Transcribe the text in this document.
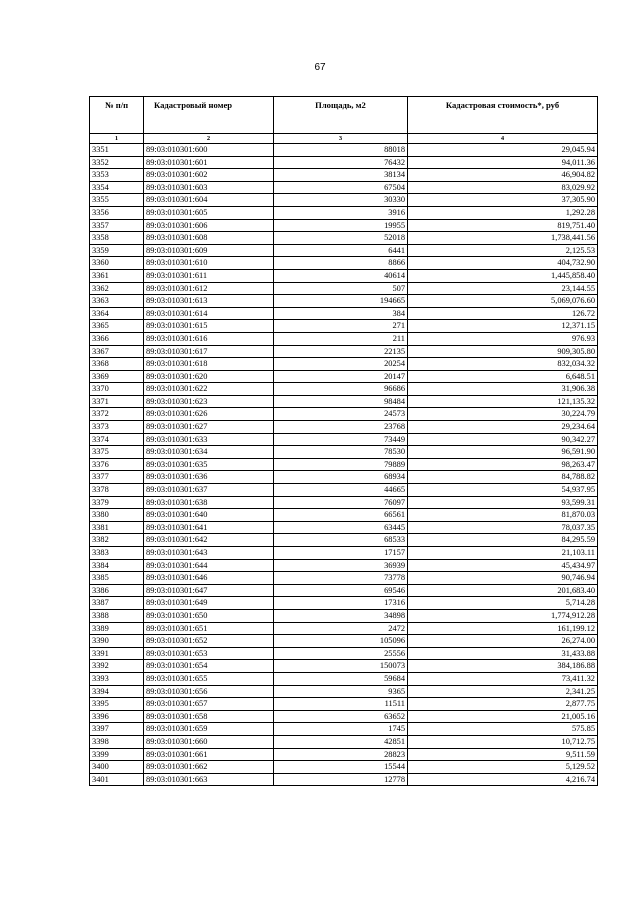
67
№ п/п	Кадастровый номер	Площадь, м2	Кадастровая стоимость*, руб
1	2	3	4
3351	89:03:010301:600	88018	29,045.94
3352	89:03:010301:601	76432	94,011.36
3353	89:03:010301:602	38134	46,904.82
3354	89:03:010301:603	67504	83,029.92
3355	89:03:010301:604	30330	37,305.90
3356	89:03:010301:605	3916	1,292.28
3357	89:03:010301:606	19955	819,751.40
3358	89:03:010301:608	52018	1,738,441.56
3359	89:03:010301:609	6441	2,125.53
3360	89:03:010301:610	8866	404,732.90
3361	89:03:010301:611	40614	1,445,858.40
3362	89:03:010301:612	507	23,144.55
3363	89:03:010301:613	194665	5,069,076.60
3364	89:03:010301:614	384	126.72
3365	89:03:010301:615	271	12,371.15
3366	89:03:010301:616	211	976.93
3367	89:03:010301:617	22135	909,305.80
3368	89:03:010301:618	20254	832,034.32
3369	89:03:010301:620	20147	6,648.51
3370	89:03:010301:622	96686	31,906.38
3371	89:03:010301:623	98484	121,135.32
3372	89:03:010301:626	24573	30,224.79
3373	89:03:010301:627	23768	29,234.64
3374	89:03:010301:633	73449	90,342.27
3375	89:03:010301:634	78530	96,591.90
3376	89:03:010301:635	79889	98,263.47
3377	89:03:010301:636	68934	84,788.82
3378	89:03:010301:637	44665	54,937.95
3379	89:03:010301:638	76097	93,599.31
3380	89:03:010301:640	66561	81,870.03
3381	89:03:010301:641	63445	78,037.35
3382	89:03:010301:642	68533	84,295.59
3383	89:03:010301:643	17157	21,103.11
3384	89:03:010301:644	36939	45,434.97
3385	89:03:010301:646	73778	90,746.94
3386	89:03:010301:647	69546	201,683.40
3387	89:03:010301:649	17316	5,714.28
3388	89:03:010301:650	34898	1,774,912.28
3389	89:03:010301:651	2472	161,199.12
3390	89:03:010301:652	105096	26,274.00
3391	89:03:010301:653	25556	31,433.88
3392	89:03:010301:654	150073	384,186.88
3393	89:03:010301:655	59684	73,411.32
3394	89:03:010301:656	9365	2,341.25
3395	89:03:010301:657	11511	2,877.75
3396	89:03:010301:658	63652	21,005.16
3397	89:03:010301:659	1745	575.85
3398	89:03:010301:660	42851	10,712.75
3399	89:03:010301:661	28823	9,511.59
3400	89:03:010301:662	15544	5,129.52
3401	89:03:010301:663	12778	4,216.74
